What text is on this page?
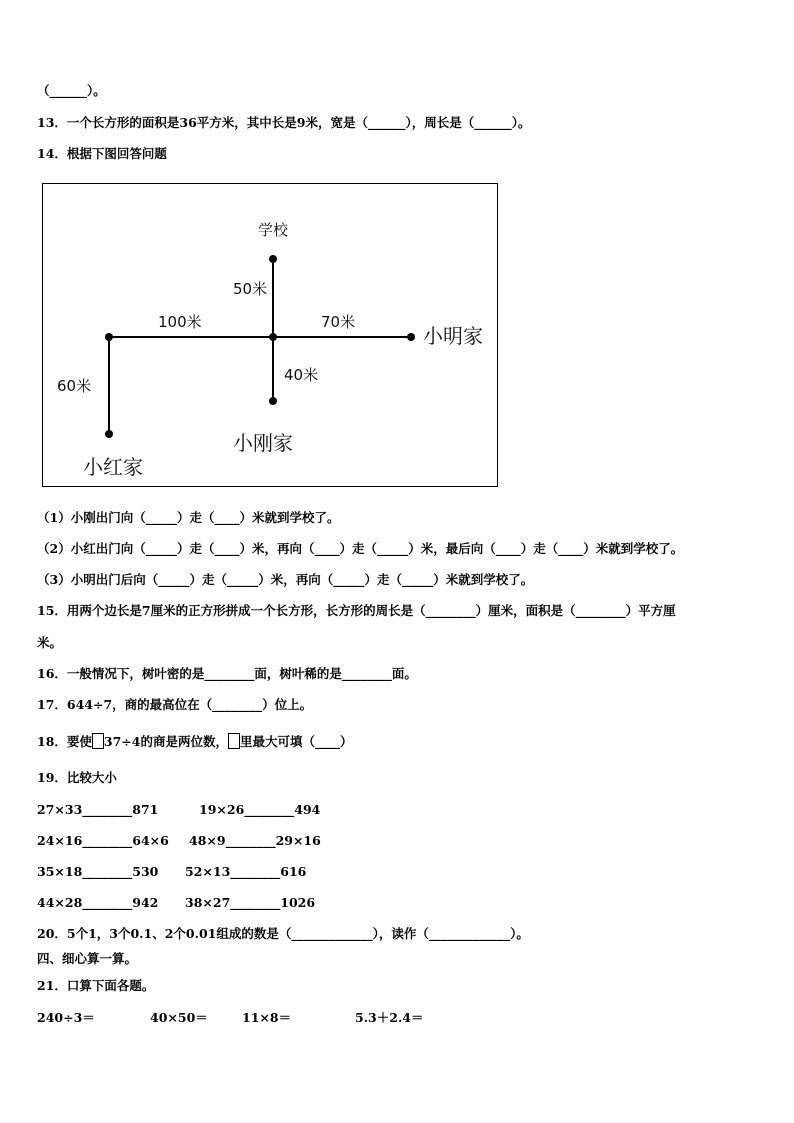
（______）。
13．一个长方形的面积是36平方米，其中长是9米，宽是（______），周长是（______）。
14．根据下图回答问题
学校
50米
100米	70米
小明家
40米
60米
小刚家
小红家
（1）小刚出门向（_____）走（____）米就到学校了。
（2）小红出门向（_____）走（____）米，再向（____）走（_____）米，最后向（____）走（____）米就到学校了。
（3）小明出门后向（_____）走（_____）米，再向（_____）走（_____）米就到学校了。
15．用两个边长是7厘米的正方形拼成一个长方形，长方形的周长是（________）厘米，面积是（________）平方厘
米。
16．一般情况下，树叶密的是________面，树叶稀的是________面。
17．644÷7，商的最高位在（________）位上。
18．要使 37÷4的商是两位数， 里最大可填（____）
19．比较大小
27×33________871	19×26________494
24×16________64×6 48×9________29×16
35×18________530 52×13________616
44×28________942 38×27________1026
20．5个1，3个0.1、2个0.01组成的数是（_____________），读作（_____________）。
四、细心算一算。
21．口算下面各题。
240÷3＝	40×50＝	11×8＝	5.3＋2.4＝
